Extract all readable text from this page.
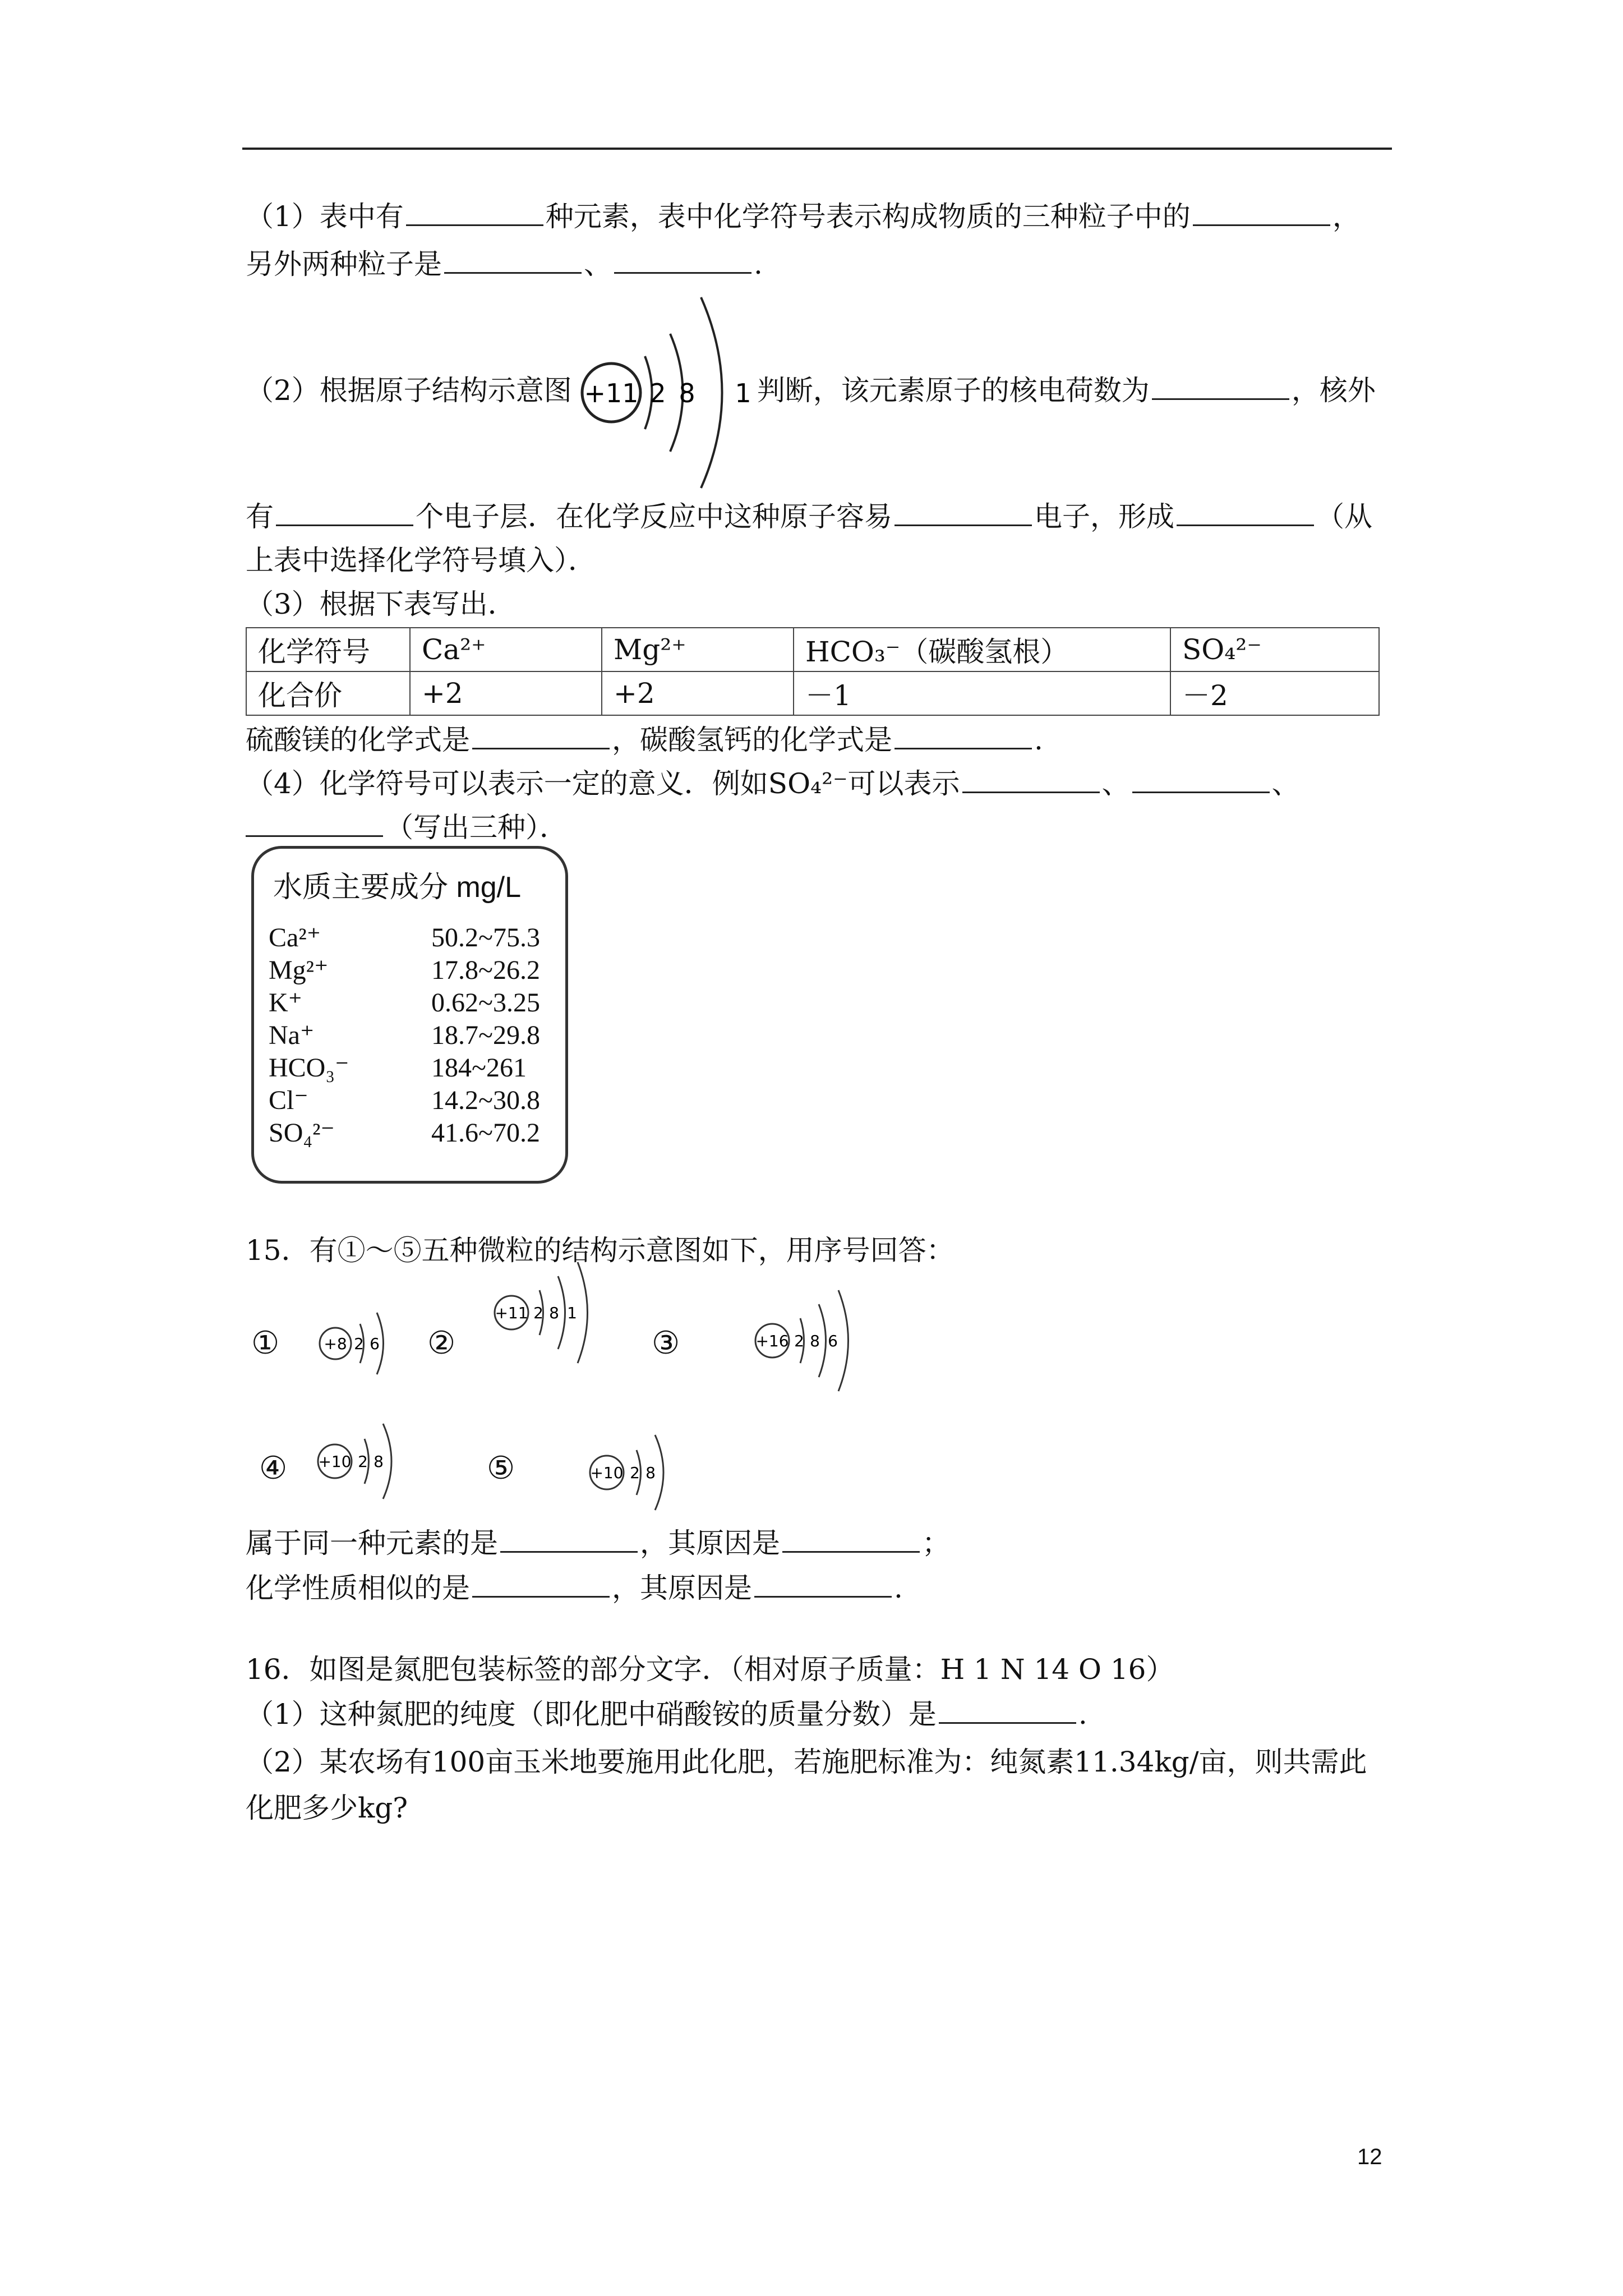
（1）表中有	种元素，表中化学符号表示构成物质的三种粒子中的	，
另外两种粒子是	、	.
（2）根据原子结构示意图	判断，该元素原子的核电荷数为	，核外
+11 2 8 1
有	个电子层．在化学反应中这种原子容易	电子，形成	（从
上表中选择化学符号填入）．
（3）根据下表写出．
化学符号	Ca²⁺	Mg²⁺	HCO₃⁻（碳酸氢根）	SO₄²⁻
化合价	+2	+2	－1	－2
硫酸镁的化学式是	，碳酸氢钙的化学式是	.
（4）化学符号可以表示一定的意义．例如SO₄²⁻可以表示	、	、
（写出三种）．
水质主要成分 mg/L
Ca²⁺	50.2~75.3
Mg²⁺	17.8~26.2
K⁺	0.62~3.25
Na⁺	18.7~29.8
HCO₃⁻	184~261
Cl⁻	14.2~30.8
SO₄²⁻	41.6~70.2
15．有①～⑤五种微粒的结构示意图如下，用序号回答：
①	+8 2 6 ②
+11 2 8 1
③	+16 2 8 6
④ +10 2 8	⑤	+10 2 8
属于同一种元素的是	，其原因是	；
化学性质相似的是	，其原因是	.
16．如图是氮肥包装标签的部分文字．（相对原子质量：H 1 N 14 O 16）
（1）这种氮肥的纯度（即化肥中硝酸铵的质量分数）是	.
（2）某农场有100亩玉米地要施用此化肥，若施肥标准为：纯氮素11.34kg/亩，则共需此
化肥多少kg?
12
